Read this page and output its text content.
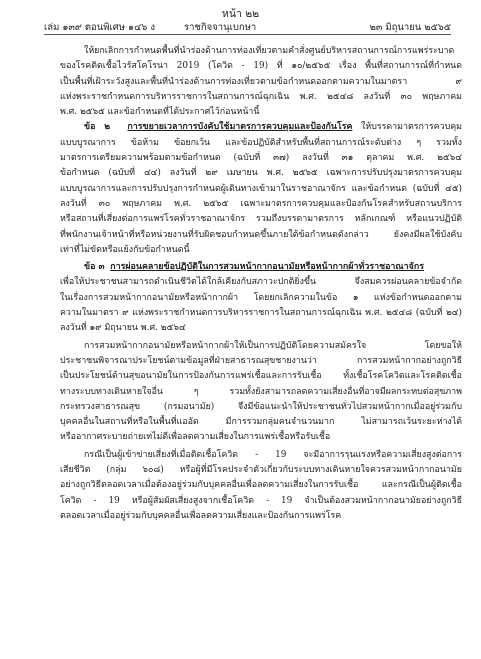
หน้า ๒๒
เล่ม ๑๓๙ ตอนพิเศษ ๑๔๖ ง	ราชกิจจานุเบกษา	๒๓ มิถุนายน ๒๕๖๕
ให้ยกเลิกการกำหนดพื้นที่นำร่องด้านการท่องเที่ยวตามคำสั่งศูนย์บริหารสถานการณ์การแพร่ระบาด
ของโรคติดเชื้อไวรัสโคโรนา 2019 (โควิด - 19) ที่ ๑๐/๒๕๖๕ เรื่อง พื้นที่สถานการณ์ที่กำหนด
เป็นพื้นที่เฝ้าระวังสูงและพื้นที่นำร่องด้านการท่องเที่ยวตามข้อกำหนดออกตามความในมาตรา ๙
แห่งพระราชกำหนดการบริหารราชการในสถานการณ์ฉุกเฉิน พ.ศ. ๒๕๔๘ ลงวันที่ ๓๐ พฤษภาคม
พ.ศ. ๒๕๖๕ และข้อกำหนดที่ได้ประกาศไว้ก่อนหน้านี้
ข้อ ๒ การขยายเวลาการบังคับใช้มาตรการควบคุมและป้องกันโรค ให้บรรดามาตรการควบคุม
แบบบูรณาการ ข้อห้าม ข้อยกเว้น และข้อปฏิบัติสำหรับพื้นที่สถานการณ์ระดับต่าง ๆ รวมทั้ง
มาตรการเตรียมความพร้อมตามข้อกำหนด (ฉบับที่ ๓๗) ลงวันที่ ๓๑ ตุลาคม พ.ศ. ๒๕๖๔
ข้อกำหนด (ฉบับที่ ๔๔) ลงวันที่ ๒๙ เมษายน พ.ศ. ๒๕๖๕ เฉพาะการปรับปรุงมาตรการควบคุม
แบบบูรณาการและการปรับปรุงการกำหนดผู้เดินทางเข้ามาในราชอาณาจักร และข้อกำหนด (ฉบับที่ ๔๕)
ลงวันที่ ๓๐ พฤษภาคม พ.ศ. ๒๕๖๕ เฉพาะมาตรการควบคุมและป้องกันโรคสำหรับสถานบริการ
หรือสถานที่เสี่ยงต่อการแพร่โรคทั่วราชอาณาจักร รวมถึงบรรดามาตรการ หลักเกณฑ์ หรือแนวปฏิบัติ
ที่พนักงานเจ้าหน้าที่หรือหน่วยงานที่รับผิดชอบกำหนดขึ้นภายใต้ข้อกำหนดดังกล่าว ยังคงมีผลใช้บังคับ
เท่าที่ไม่ขัดหรือแย้งกับข้อกำหนดนี้
ข้อ ๓ การผ่อนคลายข้อปฏิบัติในการสวมหน้ากากอนามัยหรือหน้ากากผ้าทั่วราชอาณาจักร
เพื่อให้ประชาชนสามารถดำเนินชีวิตได้ใกล้เคียงกับสภาวะปกติยิ่งขึ้น จึงสมควรผ่อนคลายข้อจำกัด
ในเรื่องการสวมหน้ากากอนามัยหรือหน้ากากผ้า โดยยกเลิกความในข้อ ๑ แห่งข้อกำหนดออกตาม
ความในมาตรา ๙ แห่งพระราชกำหนดการบริหารราชการในสถานการณ์ฉุกเฉิน พ.ศ. ๒๕๔๘ (ฉบับที่ ๒๔)
ลงวันที่ ๑๙ มิถุนายน พ.ศ. ๒๕๖๔
การสวมหน้ากากอนามัยหรือหน้ากากผ้าให้เป็นการปฏิบัติโดยความสมัครใจ โดยขอให้
ประชาชนพิจารณาประโยชน์ตามข้อมูลที่ฝ่ายสาธารณสุขชายงานว่า การสวมหน้ากากอย่างถูกวิธี
เป็นประโยชน์ด้านสุขอนามัยในการป้องกันการแพร่เชื้อและการรับเชื้อ ทั้งเชื้อโรคโควิดและโรคติดเชื้อ
ทางระบบทางเดินหายใจอื่น ๆ รวมทั้งยังสามารถลดความเสี่ยงอื่นที่อาจมีผลกระทบต่อสุขภาพ
กระทรวงสาธารณสุข (กรมอนามัย) จึงมีข้อแนะนำให้ประชาชนทั่วไปสวมหน้ากากเมื่ออยู่ร่วมกับ
บุคคลอื่นในสถานที่หรือในพื้นที่แออัด มีการรวมกลุ่มคนจำนวนมาก ไม่สามารถเว้นระยะห่างได้
หรืออากาศระบายถ่ายเทไม่ดีเพื่อลดความเสี่ยงในการแพร่เชื้อหรือรับเชื้อ
กรณีเป็นผู้เข้าข่ายเสี่ยงที่เมื่อติดเชื้อโควิด - 19 จะมีอาการรุนแรงหรือความเสี่ยงสูงต่อการ
เสียชีวิต (กลุ่ม ๖๐๘) หรือผู้ที่มีโรคประจำตัวเกี่ยวกับระบบทางเดินหายใจควรสวมหน้ากากอนามัย
อย่างถูกวิธีตลอดเวลาเมื่อต้องอยู่ร่วมกับบุคคลอื่นเพื่อลดความเสี่ยงในการรับเชื้อ และกรณีเป็นผู้ติดเชื้อ
โควิด - 19 หรือผู้สัมผัสเสี่ยงสูงจากเชื้อโควิด - 19 จำเป็นต้องสวมหน้ากากอนามัยอย่างถูกวิธี
ตลอดเวลาเมื่ออยู่ร่วมกับบุคคลอื่นเพื่อลดความเสี่ยงและป้องกันการแพร่โรค
